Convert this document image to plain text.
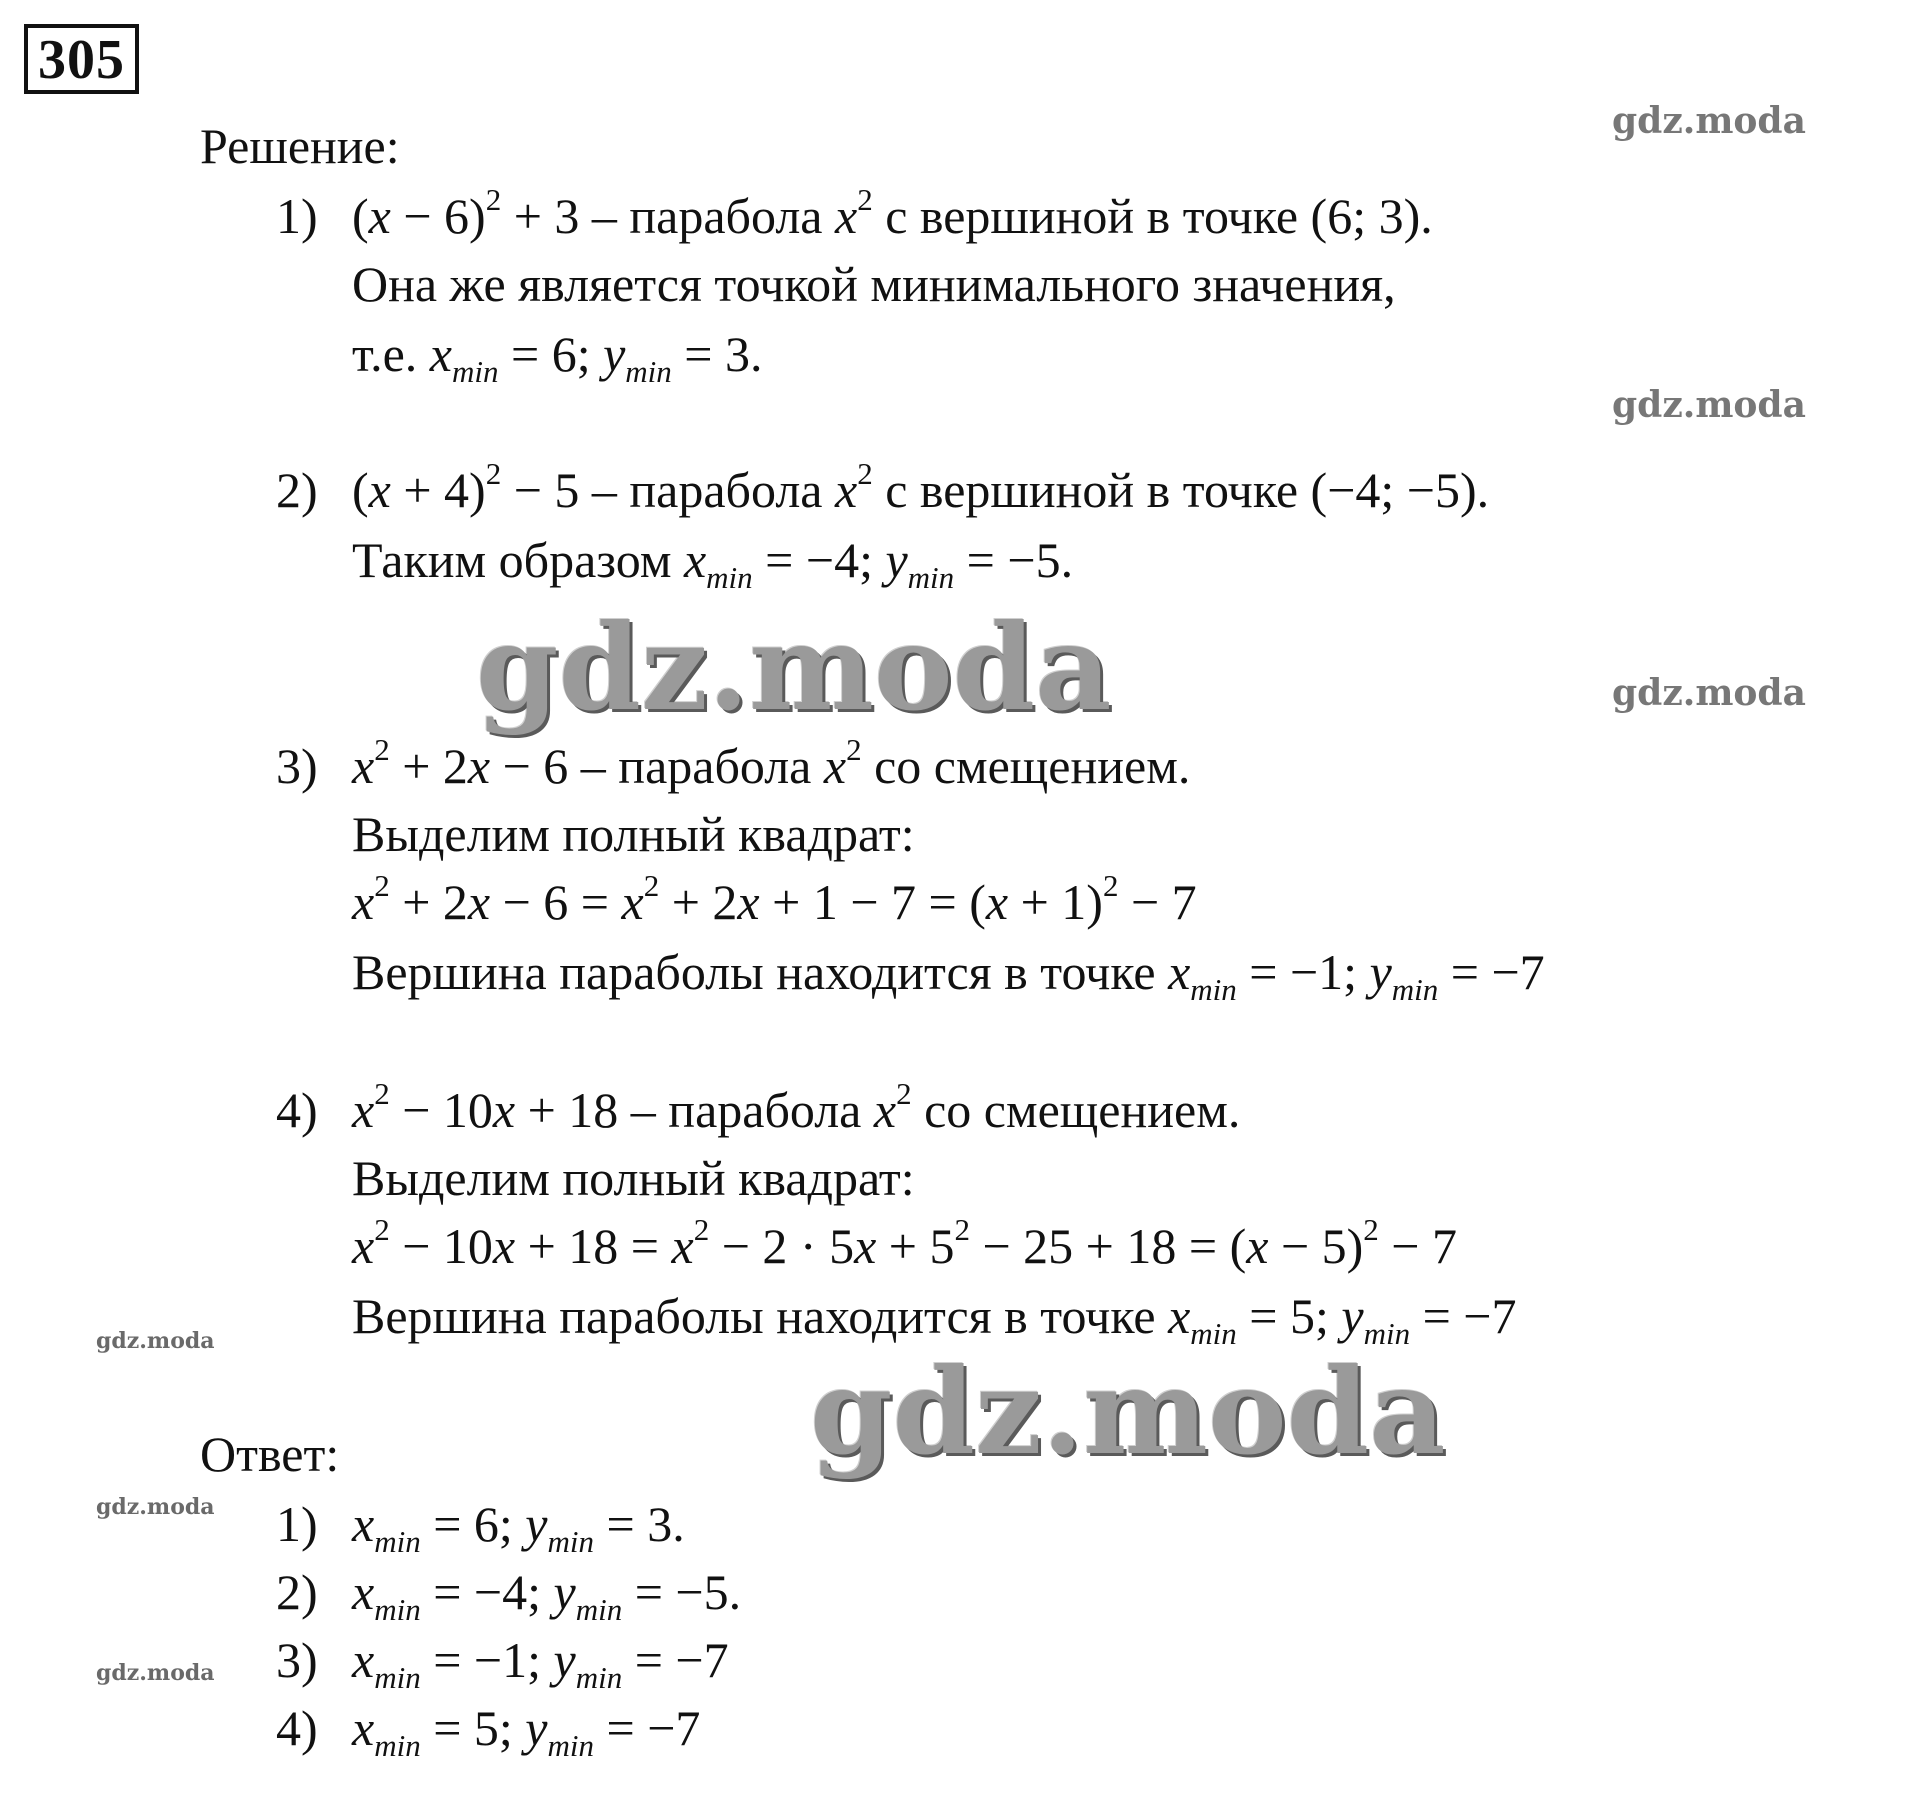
305
gdz.moda
gdz.moda
gdz.moda	gdz.moda
gdz.moda
gdz.moda
gdz.moda
gdz.moda
Решение:
1) $(x - 6)^2 + 3$ – парабола $x^2$ с вершиной в точке (6; 3).
Она же является точкой минимального значения,
т.е. $x_{min} = 6$; $y_{min} = 3$.
2) $(x + 4)^2 - 5$ – парабола $x^2$ с вершиной в точке (−4; −5).
Таким образом $x_{min} = -4$; $y_{min} = -5$.
3) $x^2 + 2x - 6$ – парабола $x^2$ со смещением.
Выделим полный квадрат:
$x^2 + 2x - 6 = x^2 + 2x + 1 - 7 = (x + 1)^2 - 7$
Вершина параболы находится в точке $x_{min} = -1$; $y_{min} = -7$
4) $x^2 - 10x + 18$ – парабола $x^2$ со смещением.
Выделим полный квадрат:
$x^2 - 10x + 18 = x^2 - 2 \cdot 5x + 5^2 - 25 + 18 = (x - 5)^2 - 7$
Вершина параболы находится в точке $x_{min} = 5$; $y_{min} = -7$
Ответ:
1) $x_{min} = 6$; $y_{min} = 3$.
2) $x_{min} = -4$; $y_{min} = -5$.
3) $x_{min} = -1$; $y_{min} = -7$
4) $x_{min} = 5$; $y_{min} = -7$
